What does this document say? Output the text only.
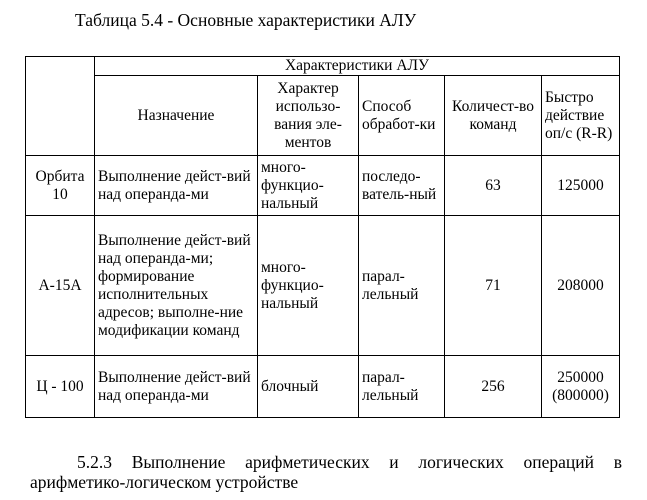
Таблица 5.4 - Основные характеристики АЛУ
	Характеристики АЛУ				
	Назначение	Характер использо-вания эле-ментов	Способ обработ-ки	Количест-во команд	Быстро действие оп/с (R-R)
Орбита 10	Выполнение дейст-вий над операнда-ми	много-функцио-нальный	последо-ватель-ный	63	125000
А-15А	Выполнение дейст-вий над операнда-ми; формирование исполнительных адресов; выполне-ние модификации команд	много-функцио-нальный	парал-лельный	71	208000
Ц - 100	Выполнение дейст-вий над операнда-ми	блочный	парал-лельный	256	250000 (800000)
5.2.3 Выполнение арифметических и логических операций в
арифметико-логическом устройстве
